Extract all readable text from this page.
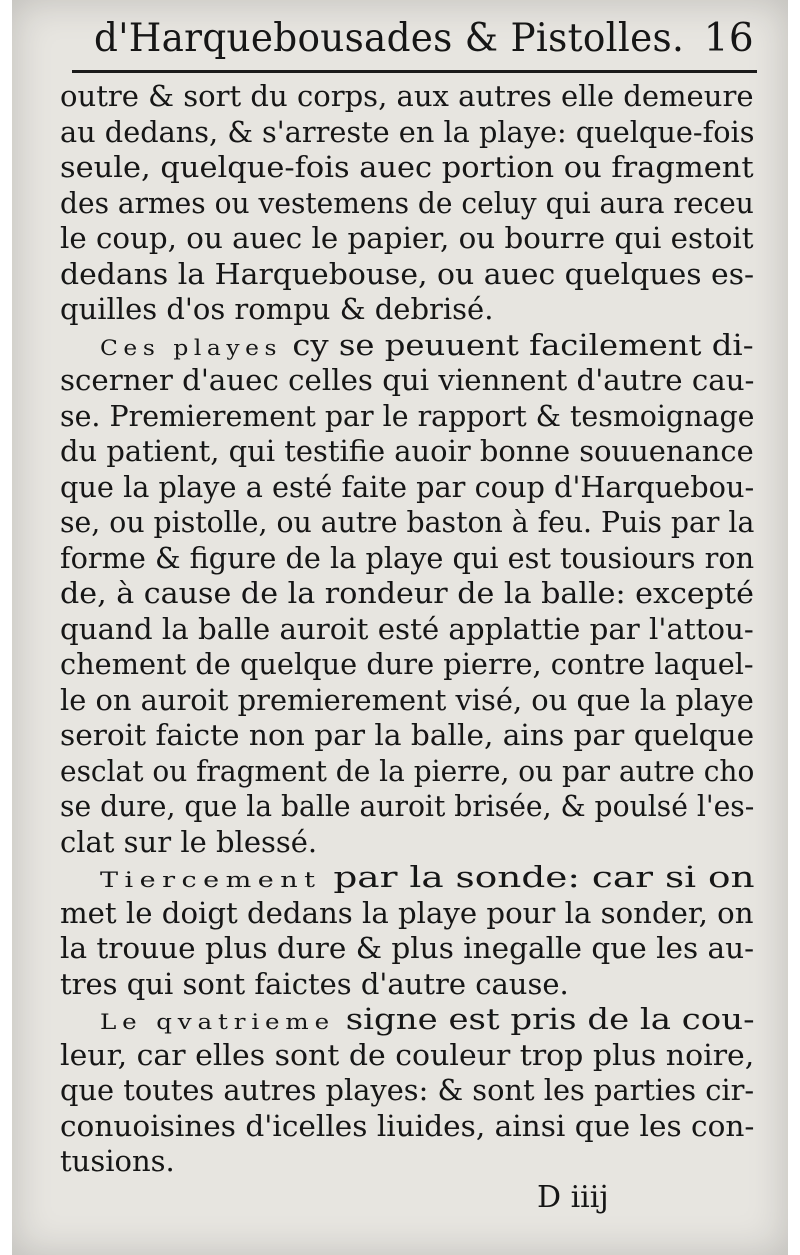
d'Harquebousades & Pistolles. 16
outre & sort du corps, aux autres elle demeure
au dedans, & s'arreste en la playe: quelque-fois
seule, quelque-fois auec portion ou fragment
des armes ou vestemens de celuy qui aura receu
le coup, ou auec le papier, ou bourre qui estoit
dedans la Harquebouse, ou auec quelques es-
quilles d'os rompu & debrisé.
Ces playes cy se peuuent facilement di-
scerner d'auec celles qui viennent d'autre cau-
se. Premierement par le rapport & tesmoignage
du patient, qui testifie auoir bonne souuenance
que la playe a esté faite par coup d'Harquebou-
se, ou pistolle, ou autre baston à feu. Puis par la
forme & figure de la playe qui est tousiours ron
de, à cause de la rondeur de la balle: excepté
quand la balle auroit esté applattie par l'attou-
chement de quelque dure pierre, contre laquel-
le on auroit premierement visé, ou que la playe
seroit faicte non par la balle, ains par quelque
esclat ou fragment de la pierre, ou par autre cho
se dure, que la balle auroit brisée, & poulsé l'es-
clat sur le blessé.
Tiercement par la sonde: car si on
met le doigt dedans la playe pour la sonder, on
la trouue plus dure & plus inegalle que les au-
tres qui sont faictes d'autre cause.
Le qvatrieme signe est pris de la cou-
leur, car elles sont de couleur trop plus noire,
que toutes autres playes: & sont les parties cir-
conuoisines d'icelles liuides, ainsi que les con-
tusions.
D iiij
